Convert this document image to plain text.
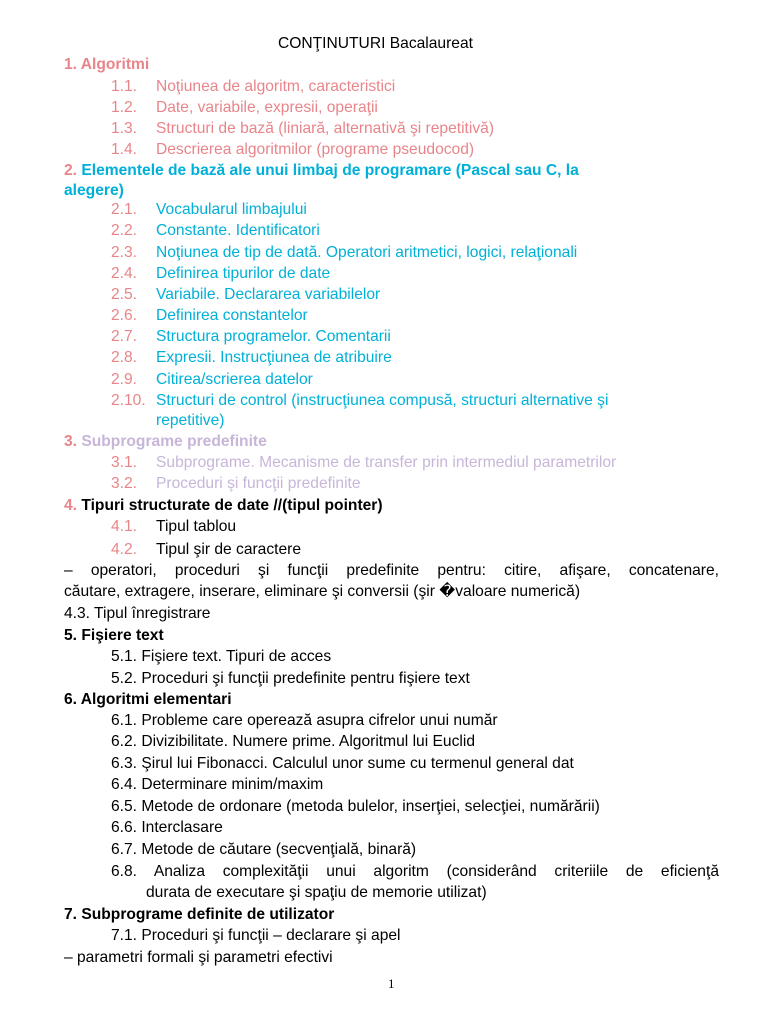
CONŢINUTURI Bacalaureat
1. Algoritmi
1.1. Noţiunea de algoritm, caracteristici
1.2. Date, variabile, expresii, operaţii
1.3. Structuri de bază (liniară, alternativă şi repetitivă)
1.4. Descrierea algoritmilor (programe pseudocod)
2. Elementele de bază ale unui limbaj de programare (Pascal sau C, la
alegere)
2.1. Vocabularul limbajului
2.2. Constante. Identificatori
2.3. Noţiunea de tip de dată. Operatori aritmetici, logici, relaţionali
2.4. Definirea tipurilor de date
2.5. Variabile. Declararea variabilelor
2.6. Definirea constantelor
2.7. Structura programelor. Comentarii
2.8. Expresii. Instrucţiunea de atribuire
2.9. Citirea/scrierea datelor
2.10. Structuri de control (instrucţiunea compusă, structuri alternative şi
repetitive)
3. Subprograme predefinite
3.1. Subprograme. Mecanisme de transfer prin intermediul parametrilor
3.2. Proceduri şi funcţii predefinite
4. Tipuri structurate de date //(tipul pointer)
4.1. Tipul tablou
4.2. Tipul şir de caractere
– operatori, proceduri şi funcţii predefinite pentru: citire, afişare, concatenare,
căutare, extragere, inserare, eliminare şi conversii (şir �valoare numerică)
4.3. Tipul înregistrare
5. Fişiere text
5.1. Fişiere text. Tipuri de acces
5.2. Proceduri şi funcţii predefinite pentru fişiere text
6. Algoritmi elementari
6.1. Probleme care operează asupra cifrelor unui număr
6.2. Divizibilitate. Numere prime. Algoritmul lui Euclid
6.3. Şirul lui Fibonacci. Calculul unor sume cu termenul general dat
6.4. Determinare minim/maxim
6.5. Metode de ordonare (metoda bulelor, inserţiei, selecţiei, numărării)
6.6. Interclasare
6.7. Metode de căutare (secvenţială, binară)
6.8. Analiza complexităţii unui algoritm (considerând criteriile de eficienţă
durata de executare şi spaţiu de memorie utilizat)
7. Subprograme definite de utilizator
7.1. Proceduri şi funcţii – declarare şi apel
– parametri formali şi parametri efectivi
1
